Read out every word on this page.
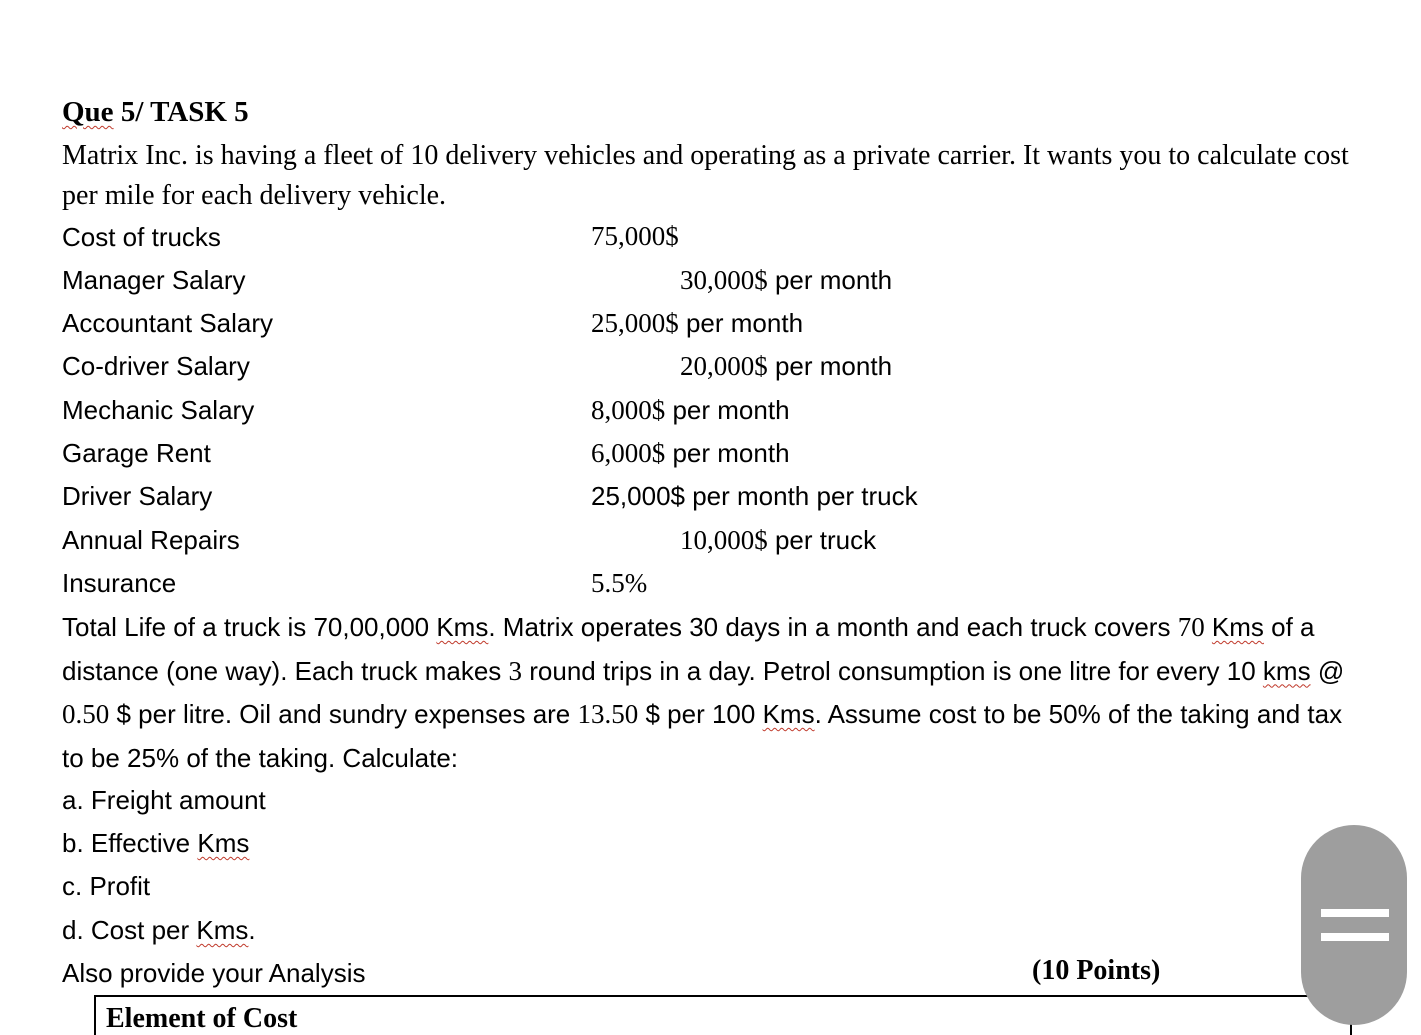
Que 5/ TASK 5
Matrix Inc. is having a fleet of 10 delivery vehicles and operating as a private carrier. It wants you to calculate cost per mile for each delivery vehicle.
Cost of trucks	75,000$
Manager Salary	30,000$ per month
Accountant Salary	25,000$ per month
Co-driver Salary	20,000$ per month
Mechanic Salary	8,000$ per month
Garage Rent	6,000$ per month
Driver Salary	25,000$ per month per truck
Annual Repairs	10,000$ per truck
Insurance	5.5%
Total Life of a truck is 70,00,000 Kms. Matrix operates 30 days in a month and each truck covers 70 Kms of a distance (one way). Each truck makes 3 round trips in a day. Petrol consumption is one litre for every 10 kms @ 0.50 $ per litre. Oil and sundry expenses are 13.50 $ per 100 Kms. Assume cost to be 50% of the taking and tax to be 25% of the taking. Calculate:
a. Freight amount
b. Effective Kms
c. Profit
d. Cost per Kms.
Also provide your Analysis	(10 Points)
Element of Cost
